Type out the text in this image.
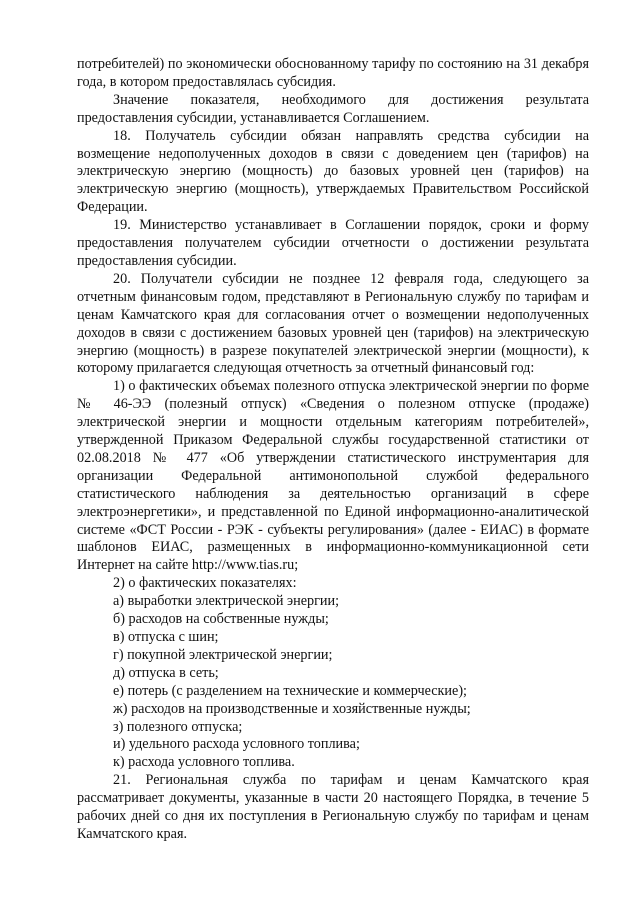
потребителей) по экономически обоснованному тарифу по состоянию на 31 декабря года, в котором предоставлялась субсидия.

Значение показателя, необходимого для достижения результата предоставления субсидии, устанавливается Соглашением.

18. Получатель субсидии обязан направлять средства субсидии на возмещение недополученных доходов в связи с доведением цен (тарифов) на электрическую энергию (мощность) до базовых уровней цен (тарифов) на электрическую энергию (мощность), утверждаемых Правительством Российской Федерации.

19. Министерство устанавливает в Соглашении порядок, сроки и форму предоставления получателем субсидии отчетности о достижении результата предоставления субсидии.

20. Получатели субсидии не позднее 12 февраля года, следующего за отчетным финансовым годом, представляют в Региональную службу по тарифам и ценам Камчатского края для согласования отчет о возмещении недополученных доходов в связи с достижением базовых уровней цен (тарифов) на электрическую энергию (мощность) в разрезе покупателей электрической энергии (мощности), к которому прилагается следующая отчетность за отчетный финансовый год:

1) о фактических объемах полезного отпуска электрической энергии по форме № 46-ЭЭ (полезный отпуск) «Сведения о полезном отпуске (продаже) электрической энергии и мощности отдельным категориям потребителей», утвержденной Приказом Федеральной службы государственной статистики от 02.08.2018 № 477 «Об утверждении статистического инструментария для организации Федеральной антимонопольной службой федерального статистического наблюдения за деятельностью организаций в сфере электроэнергетики», и представленной по Единой информационно-аналитической системе «ФСТ России - РЭК - субъекты регулирования» (далее - ЕИАС) в формате шаблонов ЕИАС, размещенных в информационно-коммуникационной сети Интернет на сайте http://www.tias.ru;

2) о фактических показателях:

а) выработки электрической энергии;

б) расходов на собственные нужды;

в) отпуска с шин;

г) покупной электрической энергии;

д) отпуска в сеть;

е) потерь (с разделением на технические и коммерческие);

ж) расходов на производственные и хозяйственные нужды;

з) полезного отпуска;

и) удельного расхода условного топлива;

к) расхода условного топлива.

21. Региональная служба по тарифам и ценам Камчатского края рассматривает документы, указанные в части 20 настоящего Порядка, в течение 5 рабочих дней со дня их поступления в Региональную службу по тарифам и ценам Камчатского края.
